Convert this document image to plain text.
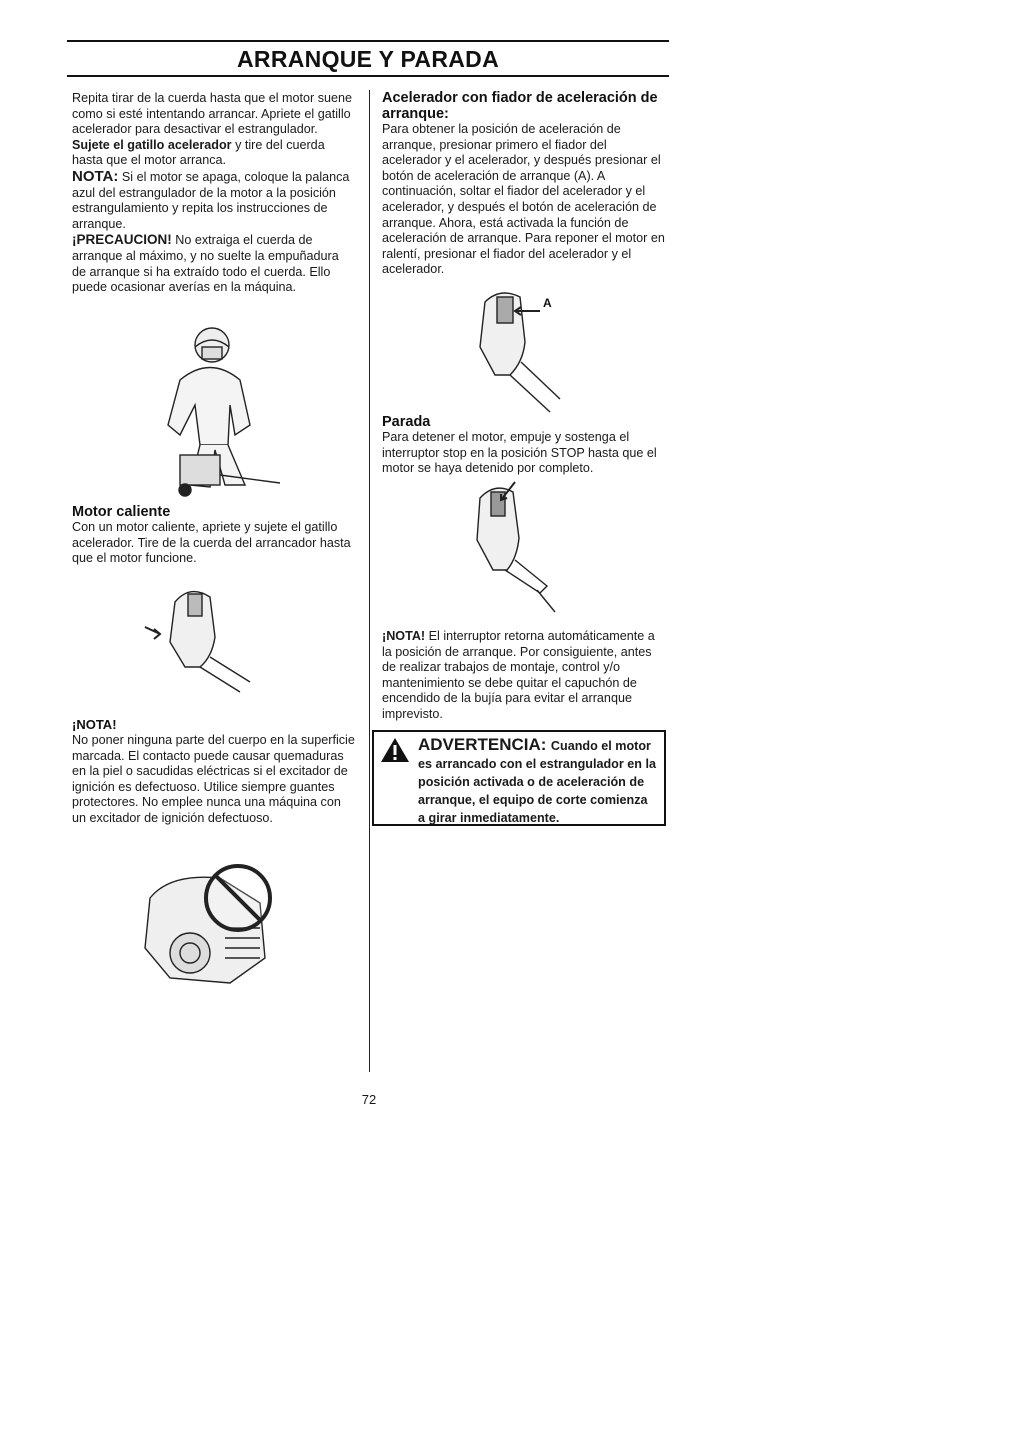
ARRANQUE Y PARADA

Repita tirar de la cuerda hasta que el motor suene como si esté intentando arrancar. Apriete el gatillo acelerador para desactivar el estrangulador. Sujete el gatillo acelerador y tire del cuerda hasta que el motor arranca.

NOTA: Si el motor se apaga, coloque la palanca azul del estrangulador de la motor a la posición estrangulamiento y repita los instrucciones de arranque.

¡PRECAUCION! No extraiga el cuerda de arranque al máximo, y no suelte la empuñadura de arranque si ha extraído todo el cuerda. Ello puede ocasionar averías en la máquina.

Motor caliente

Con un motor caliente, apriete y sujete el gatillo acelerador. Tire de la cuerda del arrancador hasta que el motor funcione.

¡NOTA!

No poner ninguna parte del cuerpo en la superficie marcada. El contacto puede causar quemaduras en la piel o sacudidas eléctricas si el excitador de ignición es defectuoso. Utilice siempre guantes protectores. No emplee nunca una máquina con un excitador de ignición defectuoso.

Acelerador con fiador de aceleración de arranque:

Para obtener la posición de aceleración de arranque, presionar primero el fiador del acelerador y el acelerador, y después presionar el botón de aceleración de arranque (A). A continuación, soltar el fiador del acelerador y el acelerador, y después el botón de aceleración de arranque. Ahora, está activada la función de aceleración de arranque. Para reponer el motor en ralentí, presionar el fiador del acelerador y el acelerador.

A

Parada

Para detener el motor, empuje y sostenga el interruptor stop en la posición STOP hasta que el motor se haya detenido por completo.

¡NOTA! El interruptor retorna automáticamente a la posición de arranque. Por consiguiente, antes de realizar trabajos de montaje, control y/o mantenimiento se debe quitar el capuchón de encendido de la bujía para evitar el arranque imprevisto.

ADVERTENCIA: Cuando el motor es arrancado con el estrangulador en la posición activada o de aceleración de arranque, el equipo de corte comienza a girar inmediatamente.
72
